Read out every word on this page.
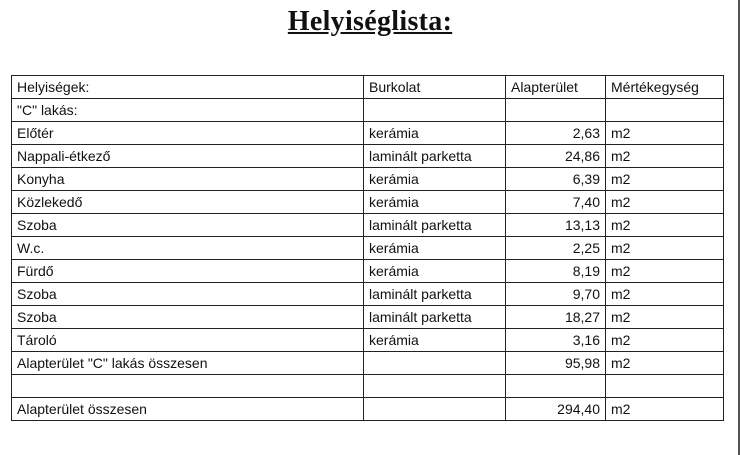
Helyiséglista:
Helyiségek:	Burkolat	Alapterület	Mértékegység
"C" lakás:			
Előtér	kerámia	2,63	m2
Nappali-étkező	laminált parketta	24,86	m2
Konyha	kerámia	6,39	m2
Közlekedő	kerámia	7,40	m2
Szoba	laminált parketta	13,13	m2
W.c.	kerámia	2,25	m2
Fürdő	kerámia	8,19	m2
Szoba	laminált parketta	9,70	m2
Szoba	laminált parketta	18,27	m2
Tároló	kerámia	3,16	m2
Alapterület "C" lakás összesen		95,98	m2

Alapterület összesen		294,40	m2
